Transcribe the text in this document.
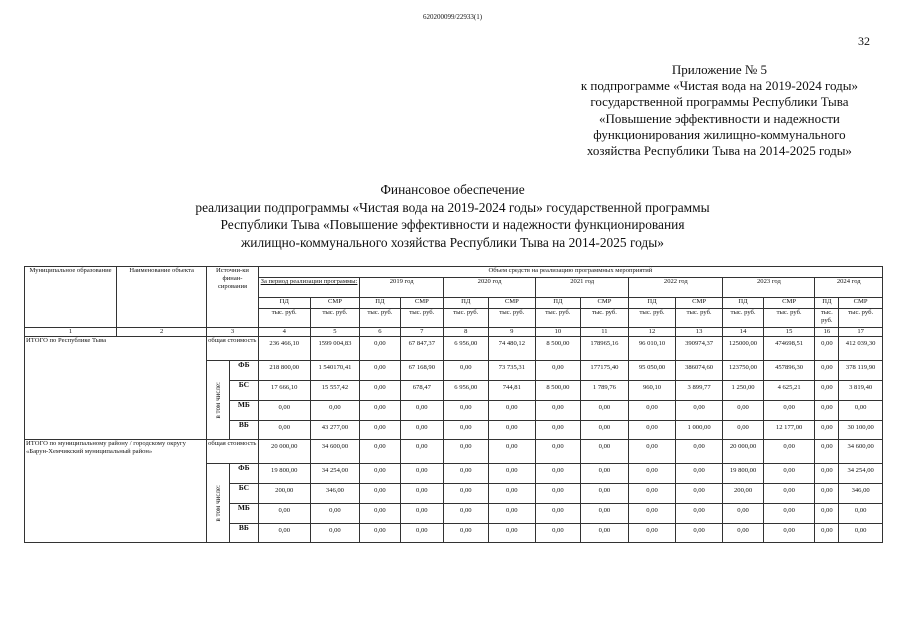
620200099/22933(1)
32
Приложение № 5
к подпрограмме «Чистая вода на 2019-2024 годы»
государственной программы Республики Тыва
«Повышение эффективности и надежности
функционирования жилищно-коммунального
хозяйства Республики Тыва на 2014-2025 годы»
Финансовое обеспечение
реализации подпрограммы «Чистая вода на 2019-2024 годы» государственной программы
Республики Тыва «Повышение эффективности и надежности функционирования
жилищно-коммунального хозяйства Республики Тыва на 2014-2025 годы»
Муниципальное образование	Наименование объекта	Источни-ки финан-сирования		Объем средств на реализацию программных мероприятий													
				За период реализации программы:		2019 год		2020 год		2021 год		2022 год		2023 год		2024 год	
				ПД	СМР	ПД	СМР	ПД	СМР	ПД	СМР	ПД	СМР	ПД	СМР	ПД	СМР
				тыс. руб.	тыс. руб.	тыс. руб.	тыс. руб.	тыс. руб.	тыс. руб.	тыс. руб.	тыс. руб.	тыс. руб.	тыс. руб.	тыс. руб.	тыс. руб.	тыс. руб.	тыс. руб.
1	2	3		4	5	6	7	8	9	10	11	12	13	14	15	16	17
ИТОГО по Республике Тыва		общая стоимость		236 466,10	1599 004,83	0,00	67 847,37	6 956,00	74 480,12	8 500,00	178965,16	96 010,10	390974,37	125000,00	474698,51	0,00	412 039,30

		в том числе:	ФБ	218 800,00	1 540170,41	0,00	67 168,90	0,00	73 735,31	0,00	177175,40	95 050,00	386074,60	123750,00	457896,30	0,00	378 119,90
			БС	17 666,10	15 557,42	0,00	678,47	6 956,00	744,81	8 500,00	1 789,76	960,10	3 899,77	1 250,00	4 625,21	0,00	3 819,40
			МБ	0,00	0,00	0,00	0,00	0,00	0,00	0,00	0,00	0,00	0,00	0,00	0,00	0,00	0,00
			ВБ	0,00	43 277,00	0,00	0,00	0,00	0,00	0,00	0,00	0,00	1 000,00	0,00	12 177,00	0,00	30 100,00
ИТОГО по муниципальному району / городскому округу «Барун-Хемчикский муниципальный район»		общая стоимость		20 000,00	34 600,00	0,00	0,00	0,00	0,00	0,00	0,00	0,00	0,00	20 000,00	0,00	0,00	34 600,00

		в том числе:	ФБ	19 800,00	34 254,00	0,00	0,00	0,00	0,00	0,00	0,00	0,00	0,00	19 800,00	0,00	0,00	34 254,00
			БС	200,00	346,00	0,00	0,00	0,00	0,00	0,00	0,00	0,00	0,00	200,00	0,00	0,00	346,00
			МБ	0,00	0,00	0,00	0,00	0,00	0,00	0,00	0,00	0,00	0,00	0,00	0,00	0,00	0,00
			ВБ	0,00	0,00	0,00	0,00	0,00	0,00	0,00	0,00	0,00	0,00	0,00	0,00	0,00	0,00
